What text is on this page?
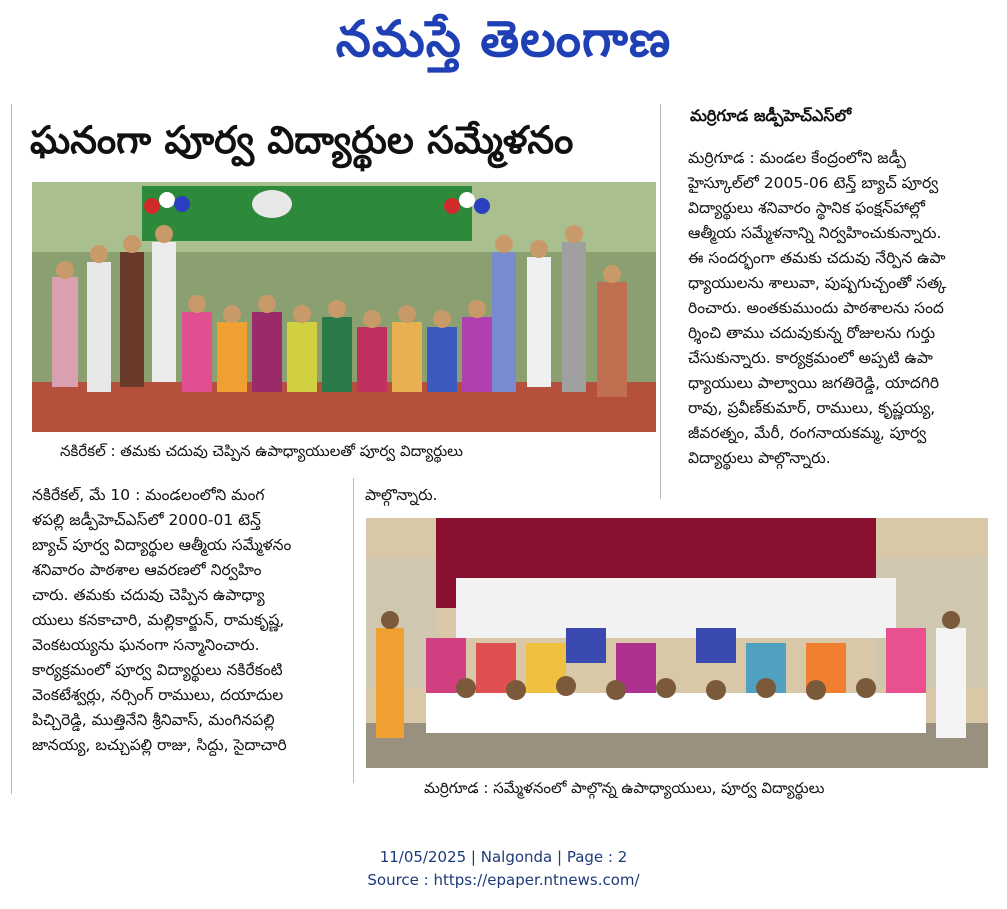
నమస్తే తెలంగాణ
ఘనంగా పూర్వ విద్యార్థుల సమ్మేళనం
నకిరేకల్‌ : తమకు చదువు చెప్పిన ఉపాధ్యాయులతో పూర్వ విద్యార్థులు

నకిరేకల్‌, మే 10 : మండలంలోని మంగ

ళపల్లి జడ్పీహెచ్‌ఎస్‌లో 2000-01 టెన్త్‌

బ్యాచ్‌ పూర్వ విద్యార్థుల ఆత్మీయ సమ్మేళనం

శనివారం పాఠశాల ఆవరణలో నిర్వహిం

చారు. తమకు చదువు చెప్పిన ఉపాధ్యా

యులు కనకాచారి, మల్లికార్జున్‌, రామకృష్ణ,

వెంకటయ్యను ఘనంగా సన్మానించారు.

కార్యక్రమంలో పూర్వ విద్యార్థులు నకిరేకంటి

వెంకటేశ్వర్లు, నర్సింగ్‌ రాములు, దయాదుల

పిచ్చిరెడ్డి, ముత్తినేని శ్రీనివాస్‌, మంగినపల్లి

జానయ్య, బచ్చుపల్లి రాజు, సిద్దు, సైదాచారి

పాల్గొన్నారు.
మర్రిగూడ జడ్పీహెచ్‌ఎస్‌లో

మర్రిగూడ : మండల కేంద్రంలోని జడ్పీ

హైస్కూల్‌లో 2005-06 టెన్త్‌ బ్యాచ్‌ పూర్వ

విద్యార్థులు శనివారం స్థానిక ఫంక్షన్‌హాల్లో

ఆత్మీయ సమ్మేళనాన్ని నిర్వహించుకున్నారు.

ఈ సందర్భంగా తమకు చదువు నేర్పిన ఉపా

ధ్యాయులను శాలువా, పుష్పగుచ్చంతో సత్క

రించారు. అంతకుముందు పాఠశాలను సంద

ర్శించి తాము చదువుకున్న రోజులను గుర్తు

చేసుకున్నారు. కార్యక్రమంలో అప్పటి ఉపా

ధ్యాయులు పాల్వాయి జగతిరెడ్డి, యాదగిరి

రావు, ప్రవీణ్‌కుమార్‌, రాములు, కృష్ణయ్య,

జీవరత్నం, మేరీ, రంగనాయకమ్మ, పూర్వ

విద్యార్థులు పాల్గొన్నారు.

మర్రిగూడ : సమ్మేళనంలో పాల్గొన్న ఉపాధ్యాయులు, పూర్వ విద్యార్థులు
11/05/2025 | Nalgonda | Page : 2
Source : https://epaper.ntnews.com/
